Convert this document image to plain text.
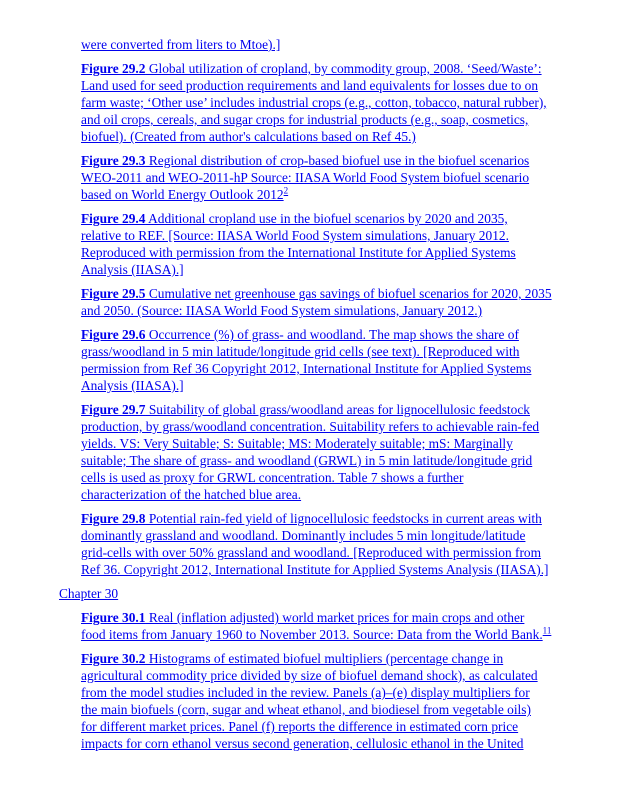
were converted from liters to Mtoe).]
Figure 29.2 Global utilization of cropland, by commodity group, 2008. ‘Seed/Waste’:
Land used for seed production requirements and land equivalents for losses due to on
farm waste; ‘Other use’ includes industrial crops (e.g., cotton, tobacco, natural rubber),
and oil crops, cereals, and sugar crops for industrial products (e.g., soap, cosmetics,
biofuel). (Created from author's calculations based on Ref 45.)
Figure 29.3 Regional distribution of crop-based biofuel use in the biofuel scenarios
WEO-2011 and WEO-2011-hP Source: IIASA World Food System biofuel scenario
based on World Energy Outlook 2012$^2$
Figure 29.4 Additional cropland use in the biofuel scenarios by 2020 and 2035,
relative to REF. [Source: IIASA World Food System simulations, January 2012.
Reproduced with permission from the International Institute for Applied Systems
Analysis (IIASA).]
Figure 29.5 Cumulative net greenhouse gas savings of biofuel scenarios for 2020, 2035
and 2050. (Source: IIASA World Food System simulations, January 2012.)
Figure 29.6 Occurrence (%) of grass- and woodland. The map shows the share of
grass/woodland in 5 min latitude/longitude grid cells (see text). [Reproduced with
permission from Ref 36 Copyright 2012, International Institute for Applied Systems
Analysis (IIASA).]
Figure 29.7 Suitability of global grass/woodland areas for lignocellulosic feedstock
production, by grass/woodland concentration. Suitability refers to achievable rain-fed
yields. VS: Very Suitable; S: Suitable; MS: Moderately suitable; mS: Marginally
suitable; The share of grass- and woodland (GRWL) in 5 min latitude/longitude grid
cells is used as proxy for GRWL concentration. Table 7 shows a further
characterization of the hatched blue area.
Figure 29.8 Potential rain-fed yield of lignocellulosic feedstocks in current areas with
dominantly grassland and woodland. Dominantly includes 5 min longitude/latitude
grid-cells with over 50% grassland and woodland. [Reproduced with permission from
Ref 36. Copyright 2012, International Institute for Applied Systems Analysis (IIASA).]
Chapter 30
Figure 30.1 Real (inflation adjusted) world market prices for main crops and other
food items from January 1960 to November 2013. Source: Data from the World Bank.$^{11}$
Figure 30.2 Histograms of estimated biofuel multipliers (percentage change in
agricultural commodity price divided by size of biofuel demand shock), as calculated
from the model studies included in the review. Panels (a)–(e) display multipliers for
the main biofuels (corn, sugar and wheat ethanol, and biodiesel from vegetable oils)
for different market prices. Panel (f) reports the difference in estimated corn price
impacts for corn ethanol versus second generation, cellulosic ethanol in the United
